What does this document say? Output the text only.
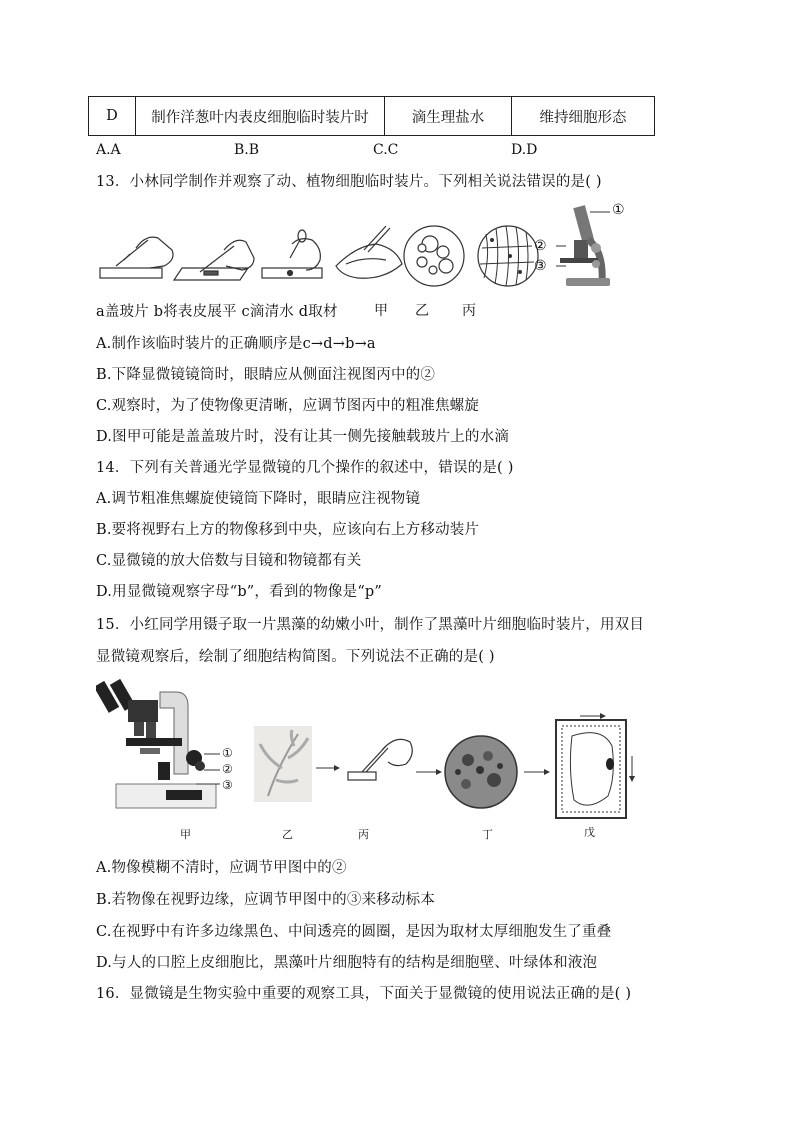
D	制作洋葱叶内表皮细胞临时装片时	滴生理盐水	维持细胞形态
A.A	B.B	C.C	D.D
13．小林同学制作并观察了动、植物细胞临时装片。下列相关说法错误的是( )
①
②
③
a盖玻片 b将表皮展平 c滴清水 d取材	甲 乙 丙
A.制作该临时装片的正确顺序是c→d→b→a
B.下降显微镜镜筒时，眼睛应从侧面注视图丙中的②
C.观察时，为了使物像更清晰，应调节图丙中的粗准焦螺旋
D.图甲可能是盖盖玻片时，没有让其一侧先接触载玻片上的水滴
14．下列有关普通光学显微镜的几个操作的叙述中，错误的是( )
A.调节粗准焦螺旋使镜筒下降时，眼睛应注视物镜
B.要将视野右上方的物像移到中央，应该向右上方移动装片
C.显微镜的放大倍数与目镜和物镜都有关
D.用显微镜观察字母“b”，看到的物像是“p”
15．小红同学用镊子取一片黑藻的幼嫩小叶，制作了黑藻叶片细胞临时装片，用双目
显微镜观察后，绘制了细胞结构简图。下列说法不正确的是( )
①
②
③
甲	乙	丙	丁	戊
A.物像模糊不清时，应调节甲图中的②
B.若物像在视野边缘，应调节甲图中的③来移动标本
C.在视野中有许多边缘黑色、中间透亮的圆圈，是因为取材太厚细胞发生了重叠
D.与人的口腔上皮细胞比，黑藻叶片细胞特有的结构是细胞壁、叶绿体和液泡
16．显微镜是生物实验中重要的观察工具，下面关于显微镜的使用说法正确的是( )
